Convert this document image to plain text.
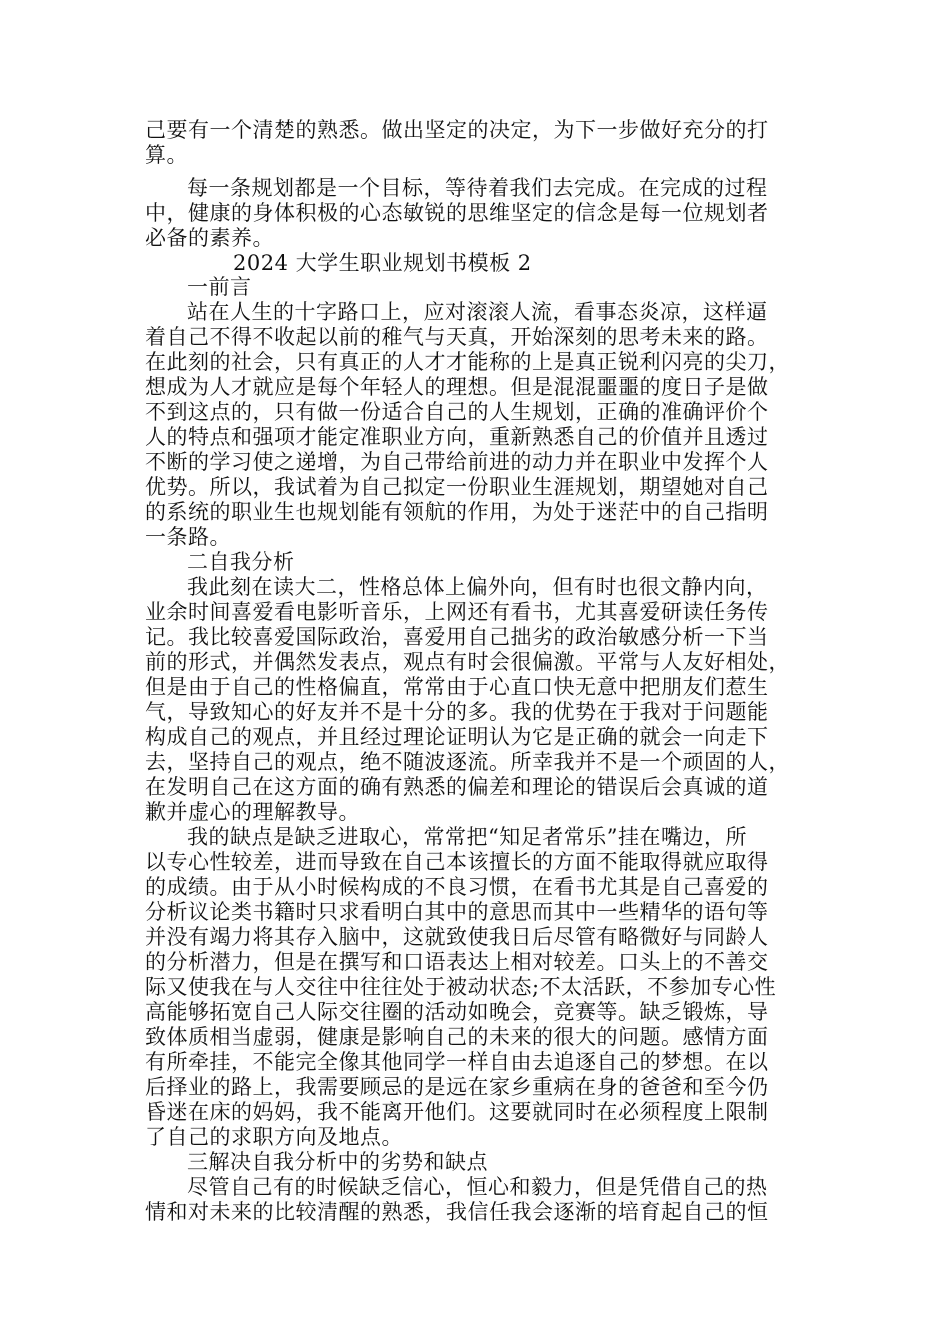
己要有一个清楚的熟悉。做出坚定的决定，为下一步做好充分的打
算。
每一条规划都是一个目标，等待着我们去完成。在完成的过程
中，健康的身体积极的心态敏锐的思维坚定的信念是每一位规划者
必备的素养。
2024 大学生职业规划书模板 2
一前言
站在人生的十字路口上，应对滚滚人流，看事态炎凉，这样逼
着自己不得不收起以前的稚气与天真，开始深刻的思考未来的路。
在此刻的社会，只有真正的人才才能称的上是真正锐利闪亮的尖刀，
想成为人才就应是每个年轻人的理想。但是混混噩噩的度日子是做
不到这点的，只有做一份适合自己的人生规划，正确的准确评价个
人的特点和强项才能定准职业方向，重新熟悉自己的价值并且透过
不断的学习使之递增，为自己带给前进的动力并在职业中发挥个人
优势。所以，我试着为自己拟定一份职业生涯规划，期望她对自己
的系统的职业生也规划能有领航的作用，为处于迷茫中的自己指明
一条路。
二自我分析
我此刻在读大二，性格总体上偏外向，但有时也很文静内向，
业余时间喜爱看电影听音乐，上网还有看书，尤其喜爱研读任务传
记。我比较喜爱国际政治，喜爱用自己拙劣的政治敏感分析一下当
前的形式，并偶然发表点，观点有时会很偏激。平常与人友好相处，
但是由于自己的性格偏直，常常由于心直口快无意中把朋友们惹生
气，导致知心的好友并不是十分的多。我的优势在于我对于问题能
构成自己的观点，并且经过理论证明认为它是正确的就会一向走下
去，坚持自己的观点，绝不随波逐流。所幸我并不是一个顽固的人，
在发明自己在这方面的确有熟悉的偏差和理论的错误后会真诚的道
歉并虚心的理解教导。
我的缺点是缺乏进取心，常常把“知足者常乐”挂在嘴边，所
以专心性较差，进而导致在自己本该擅长的方面不能取得就应取得
的成绩。由于从小时候构成的不良习惯，在看书尤其是自己喜爱的
分析议论类书籍时只求看明白其中的意思而其中一些精华的语句等
并没有竭力将其存入脑中，这就致使我日后尽管有略微好与同龄人
的分析潜力，但是在撰写和口语表达上相对较差。口头上的不善交
际又使我在与人交往中往往处于被动状态;不太活跃，不参加专心性
高能够拓宽自己人际交往圈的活动如晚会，竞赛等。缺乏锻炼，导
致体质相当虚弱，健康是影响自己的未来的很大的问题。感情方面
有所牵挂，不能完全像其他同学一样自由去追逐自己的梦想。在以
后择业的路上，我需要顾忌的是远在家乡重病在身的爸爸和至今仍
昏迷在床的妈妈，我不能离开他们。这要就同时在必须程度上限制
了自己的求职方向及地点。
三解决自我分析中的劣势和缺点
尽管自己有的时候缺乏信心，恒心和毅力，但是凭借自己的热
情和对未来的比较清醒的熟悉，我信任我会逐渐的培育起自己的恒
